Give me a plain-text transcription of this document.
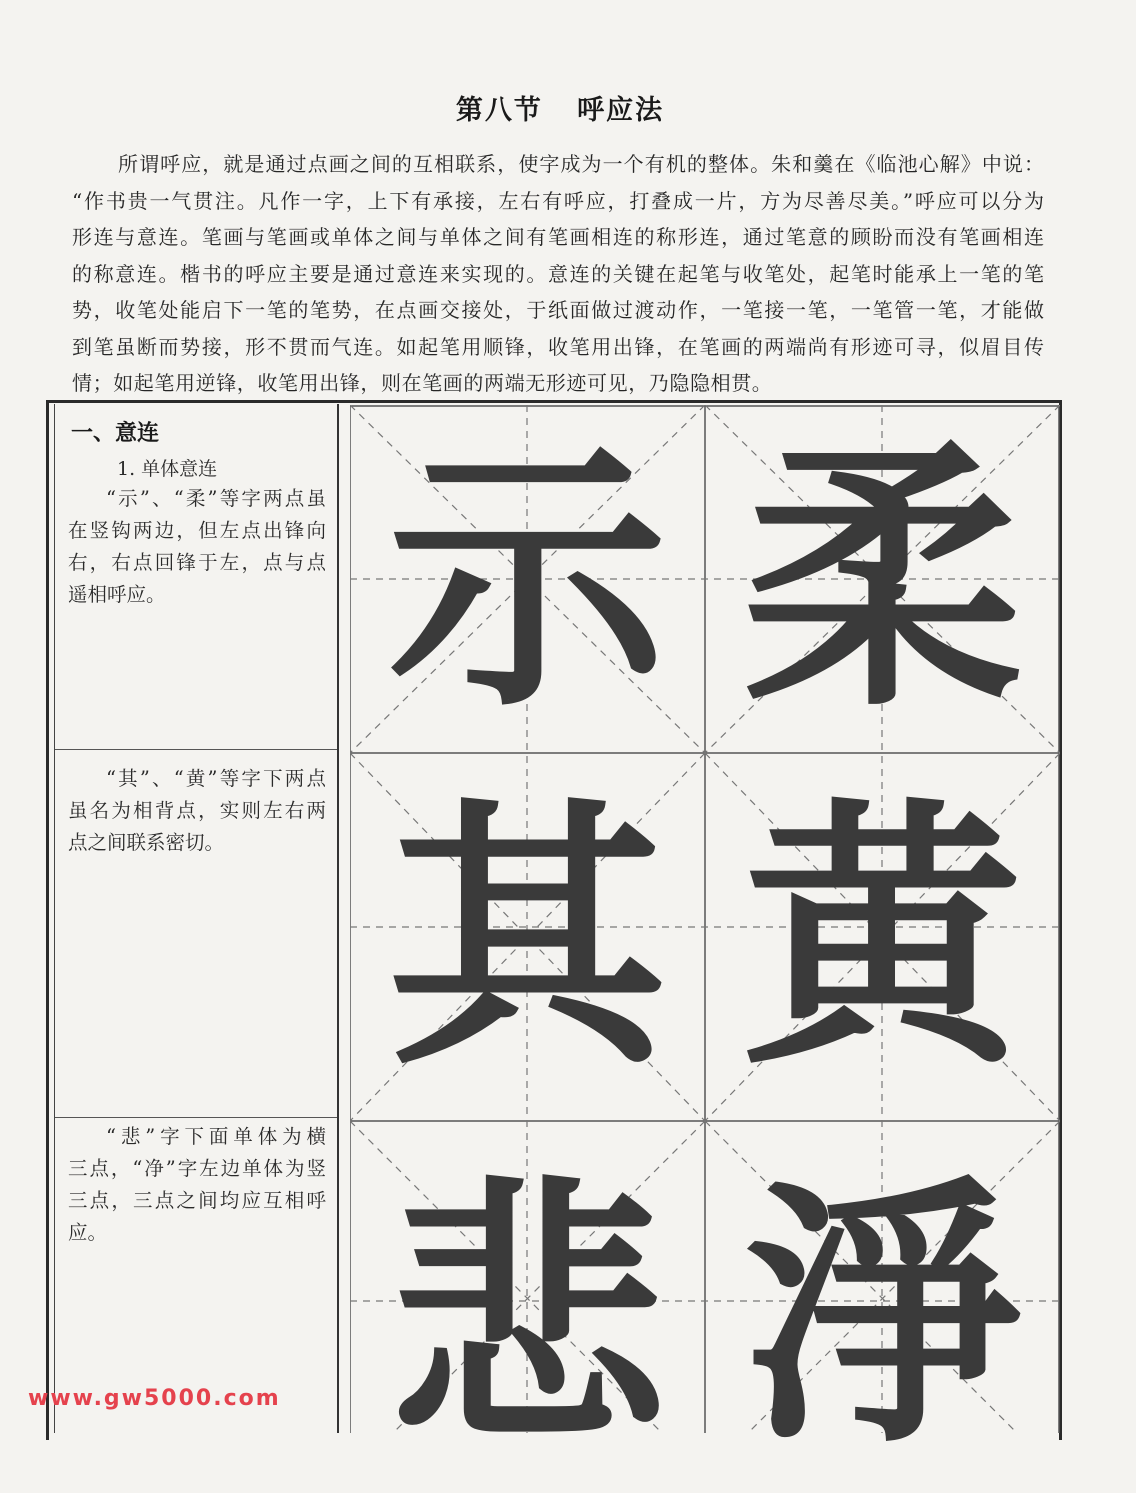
第八节   呼应法
所谓呼应，就是通过点画之间的互相联系，使字成为一个有机的整体。朱和羹在《临池心解》中说：
“作书贵一气贯注。凡作一字，上下有承接，左右有呼应，打叠成一片，方为尽善尽美。”呼应可以分为
形连与意连。笔画与笔画或单体之间与单体之间有笔画相连的称形连，通过笔意的顾盼而没有笔画相连
的称意连。楷书的呼应主要是通过意连来实现的。意连的关键在起笔与收笔处，起笔时能承上一笔的笔
势，收笔处能启下一笔的笔势，在点画交接处，于纸面做过渡动作，一笔接一笔，一笔管一笔，才能做
到笔虽断而势接，形不贯而气连。如起笔用顺锋，收笔用出锋，在笔画的两端尚有形迹可寻，似眉目传
情；如起笔用逆锋，收笔用出锋，则在笔画的两端无形迹可见，乃隐隐相贯。
一、意连
1. 单体意连
“示”、“柔”等字两点虽
在竖钩两边，但左点出锋向
右，右点回锋于左，点与点
遥相呼应。
“其”、“黄”等字下两点
虽名为相背点，实则左右两
点之间联系密切。
“悲”字下面单体为横
三点，“净”字左边单体为竖
三点，三点之间均应互相呼
应。
示 柔
其 黄
悲 淨
www.gw5000.com
